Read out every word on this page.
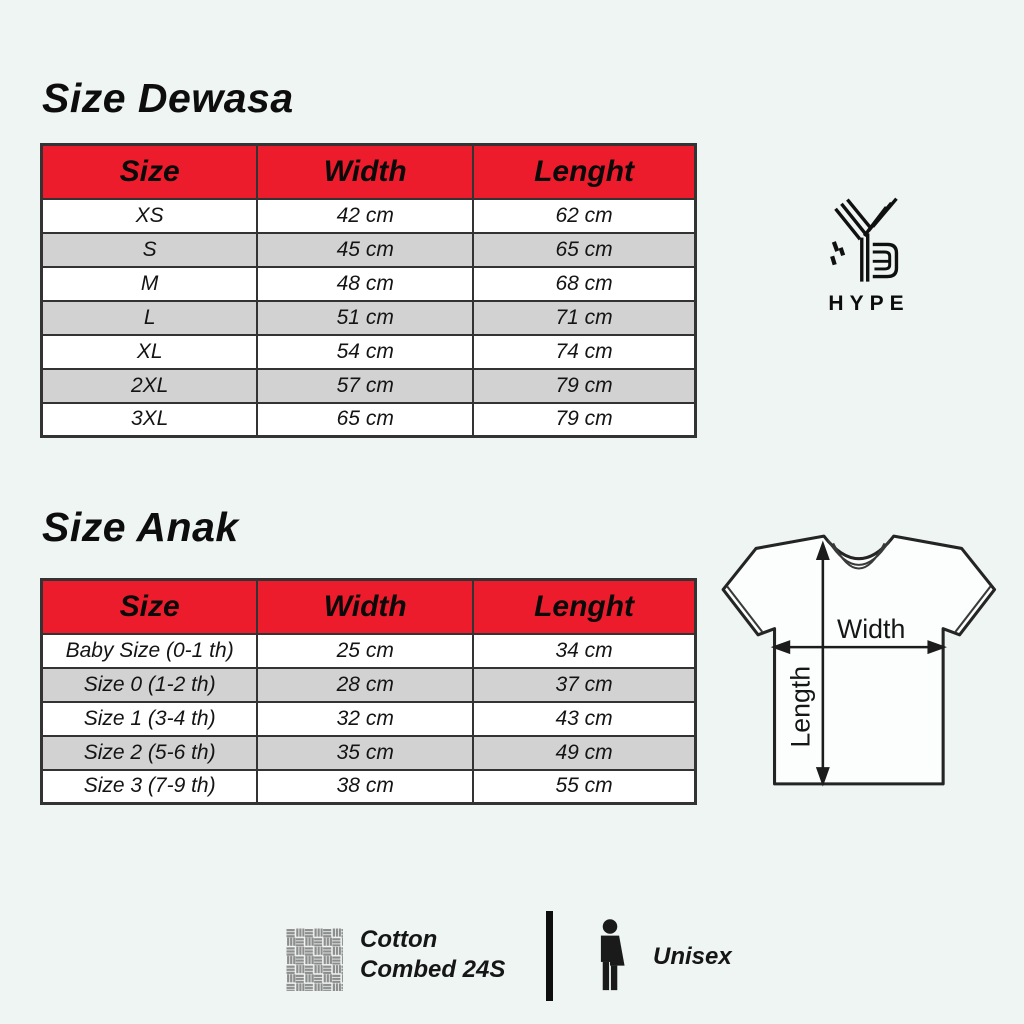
Size Dewasa
Size	Width	Lenght
XS	42 cm	62 cm
S	45 cm	65 cm
M	48 cm	68 cm
L	51 cm	71 cm
XL	54 cm	74 cm
2XL	57 cm	79 cm
3XL	65 cm	79 cm
HYPE
Size Anak
Size	Width	Lenght
Baby Size (0-1 th)	25 cm	34 cm
Size 0 (1-2 th)	28 cm	37 cm
Size 1 (3-4 th)	32 cm	43 cm
Size 2 (5-6 th)	35 cm	49 cm
Size 3 (7-9 th)	38 cm	55 cm
Width
Length
Cotton
Combed 24S	Unisex
